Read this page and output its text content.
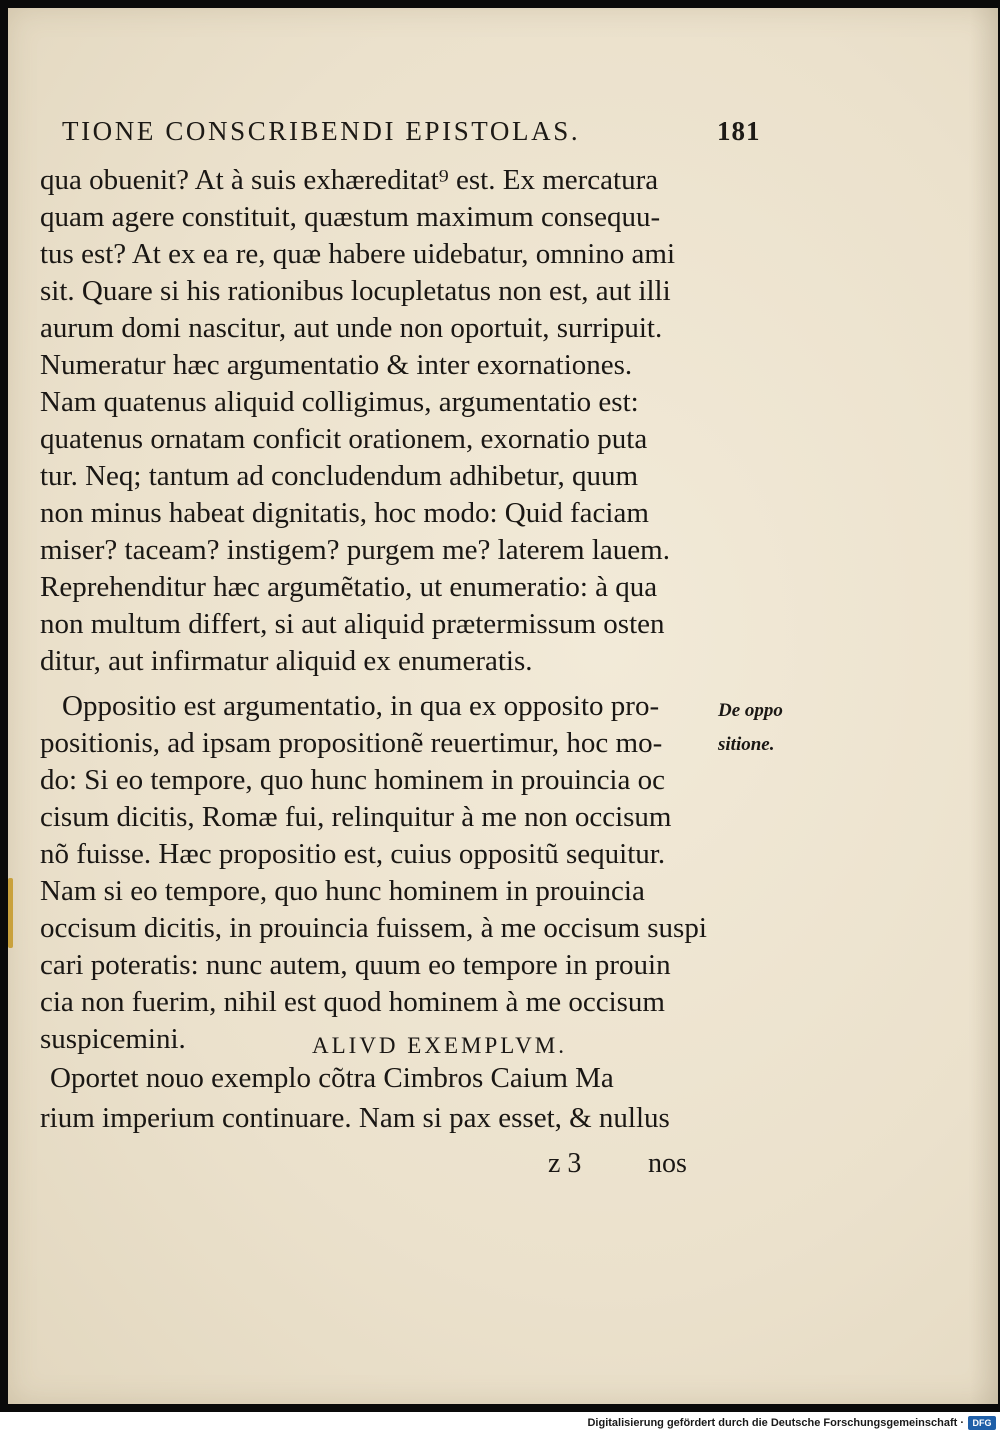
TIONE CONSCRIBENDI EPISTOLAS.	181
qua obuenit? At à suis exhæreditat⁹ est. Ex mercatura
quam agere constituit, quæstum maximum consequu-
tus est? At ex ea re, quæ habere uidebatur, omnino ami
sit. Quare si his rationibus locupletatus non est, aut illi
aurum domi nascitur, aut unde non oportuit, surripuit.
Numeratur hæc argumentatio & inter exornationes.
Nam quatenus aliquid colligimus, argumentatio est:
quatenus ornatam conficit orationem, exornatio puta
tur. Neq; tantum ad concludendum adhibetur, quum
non minus habeat dignitatis, hoc modo: Quid faciam
miser? taceam? instigem? purgem me? laterem lauem.
Reprehenditur hæc argumẽtatio, ut enumeratio: à qua
non multum differt, si aut aliquid prætermissum osten
ditur, aut infirmatur aliquid ex enumeratis.
Oppositio est argumentatio, in qua ex opposito pro-
positionis, ad ipsam propositionẽ reuertimur, hoc mo-
do: Si eo tempore, quo hunc hominem in prouincia oc
cisum dicitis, Romæ fui, relinquitur à me non occisum
nõ fuisse. Hæc propositio est, cuius oppositũ sequitur.
Nam si eo tempore, quo hunc hominem in prouincia
occisum dicitis, in prouincia fuissem, à me occisum suspi
cari poteratis: nunc autem, quum eo tempore in prouin
cia non fuerim, nihil est quod hominem à me occisum
suspicemini.	ALIVD EXEMPLVM.
Oportet nouo exemplo cõtra Cimbros Caium Ma
rium imperium continuare. Nam si pax esset, & nullus
De oppo
sitione.
z 3 nos
Digitalisierung gefördert durch die Deutsche Forschungsgemeinschaft · DFG
